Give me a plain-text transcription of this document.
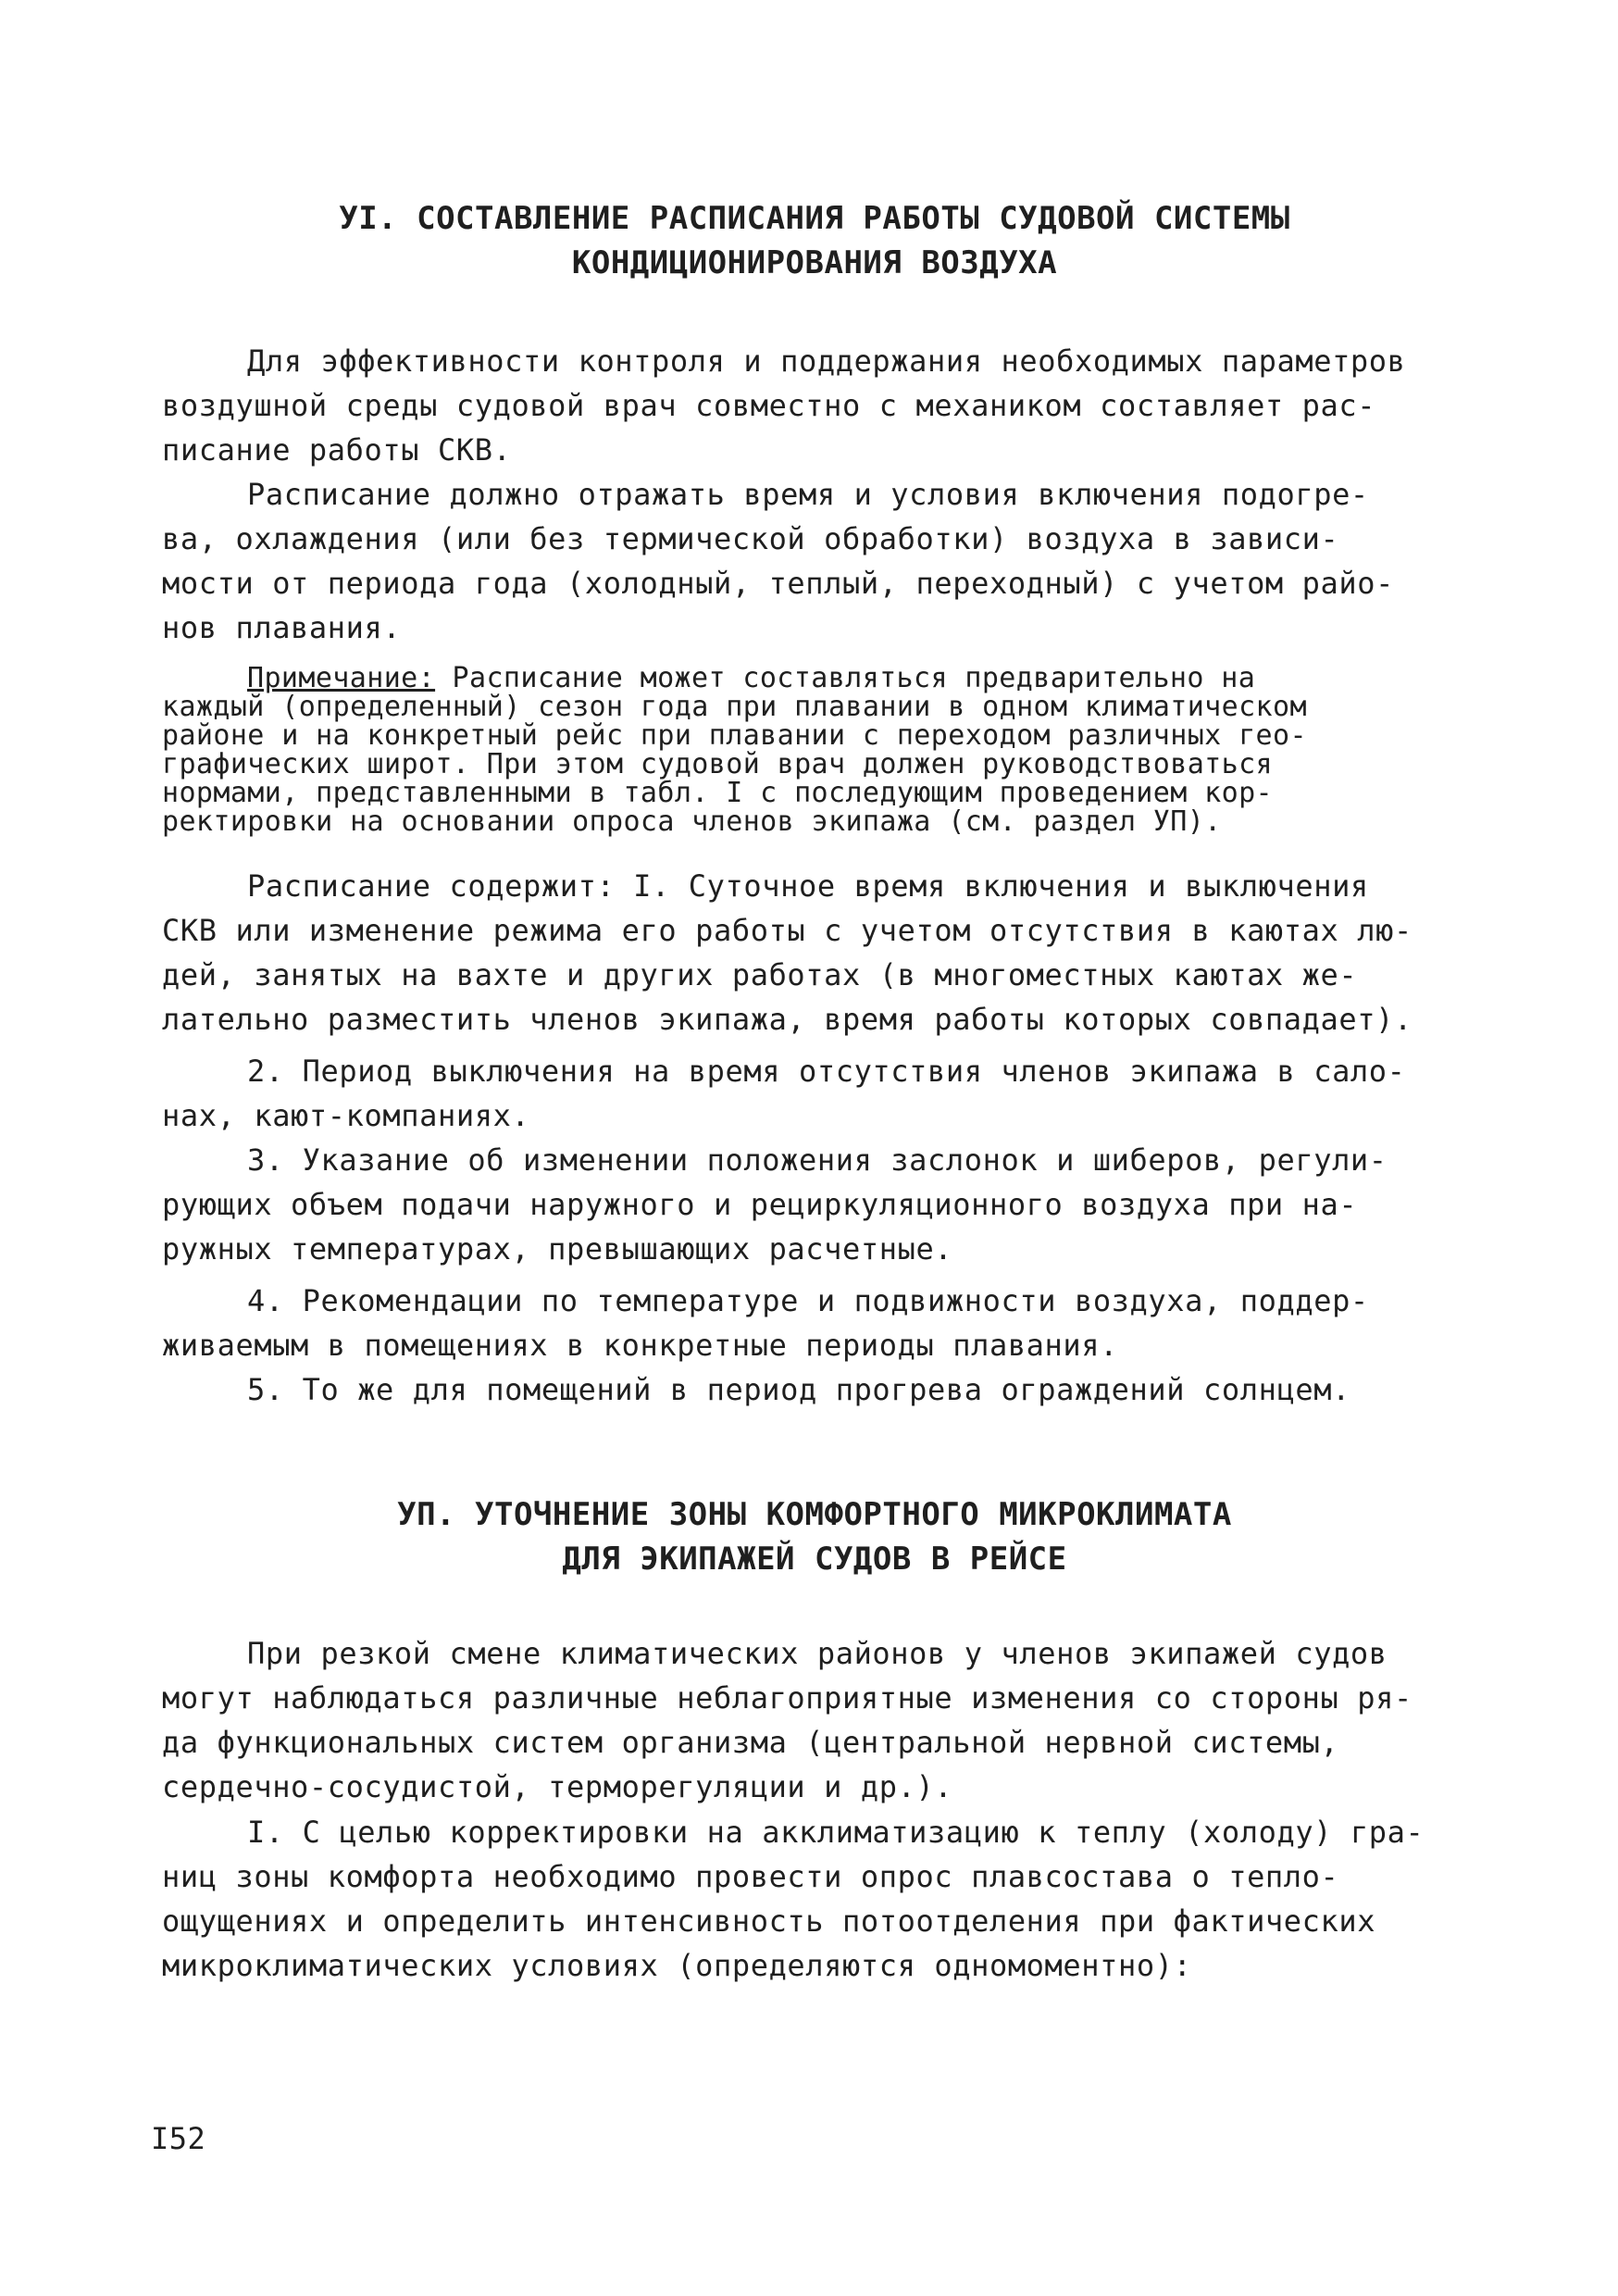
УI. СОСТАВЛЕНИЕ РАСПИСАНИЯ РАБОТЫ СУДОВОЙ СИСТЕМЫ
КОНДИЦИОНИРОВАНИЯ ВОЗДУХА
Для эффективности контроля и поддержания необходимых параметров
воздушной среды судовой врач совместно с механиком составляет рас-
писание работы СКВ.
Расписание должно отражать время и условия включения подогре-
ва, охлаждения (или без термической обработки) воздуха в зависи-
мости от периода года (холодный, теплый, переходный) с учетом райо-
нов плавания.
Примечание: Расписание может составляться предварительно на
каждый (определенный) сезон года при плавании в одном климатическом
районе и на конкретный рейс при плавании с переходом различных гео-
графических широт. При этом судовой врач должен руководствоваться
нормами, представленными в табл. I с последующим проведением кор-
ректировки на основании опроса членов экипажа (см. раздел УП).
Расписание содержит: I. Суточное время включения и выключения
СКВ или изменение режима его работы с учетом отсутствия в каютах лю-
дей, занятых на вахте и других работах (в многоместных каютах же-
лательно разместить членов экипажа, время работы которых совпадает).
2. Период выключения на время отсутствия членов экипажа в сало-
нах, кают-компаниях.
3. Указание об изменении положения заслонок и шиберов, регули-
рующих объем подачи наружного и рециркуляционного воздуха при на-
ружных температурах, превышающих расчетные.
4. Рекомендации по температуре и подвижности воздуха, поддер-
живаемым в помещениях в конкретные периоды плавания.
5. То же для помещений в период прогрева ограждений солнцем.
УП. УТОЧНЕНИЕ ЗОНЫ КОМФОРТНОГО МИКРОКЛИМАТА
ДЛЯ ЭКИПАЖЕЙ СУДОВ В РЕЙСЕ
При резкой смене климатических районов у членов экипажей судов
могут наблюдаться различные неблагоприятные изменения со стороны ря-
да функциональных систем организма (центральной нервной системы,
сердечно-сосудистой, терморегуляции и др.).
I. С целью корректировки на акклиматизацию к теплу (холоду) гра-
ниц зоны комфорта необходимо провести опрос плавсостава о тепло-
ощущениях и определить интенсивность потоотделения при фактических
микроклиматических условиях (определяются одномоментно):
I52
